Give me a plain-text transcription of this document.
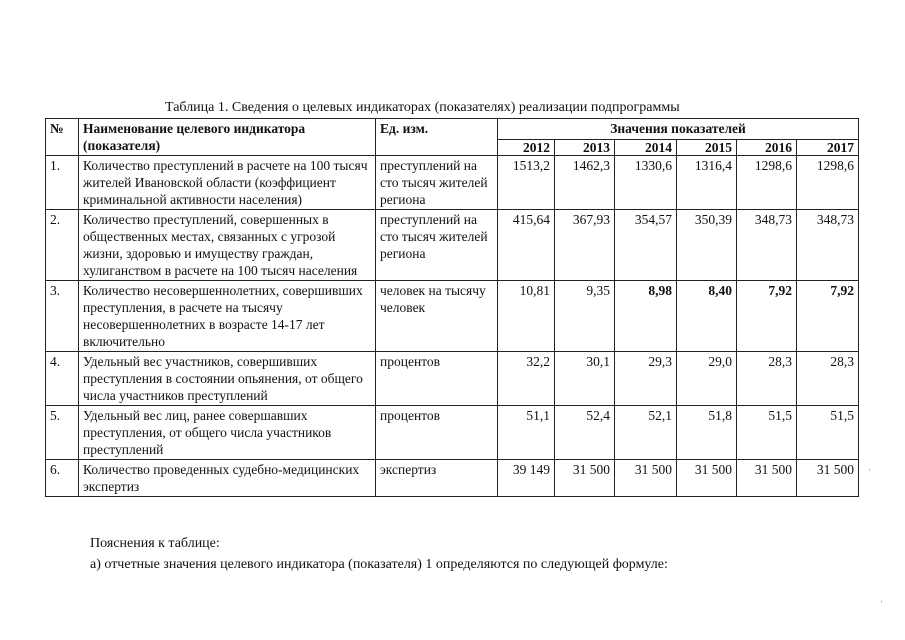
Таблица 1. Сведения о целевых индикаторах (показателях) реализации подпрограммы
№	Наименование целевого индикатора (показателя)	Ед. изм.	Значения показателей					
			2012	2013	2014	2015	2016	2017
1.	Количество преступлений в расчете на 100 тысяч жителей Ивановской области (коэффициент криминальной активности населения)	преступлений на сто тысяч жителей региона	1513,2	1462,3	1330,6	1316,4	1298,6	1298,6
2.	Количество преступлений, совершенных в общественных местах, связанных с угрозой жизни, здоровью и имуществу граждан, хулиганством в расчете на 100 тысяч населения	преступлений на сто тысяч жителей региона	415,64	367,93	354,57	350,39	348,73	348,73
3.	Количество несовершеннолетних, совершивших преступления, в расчете на тысячу несовершеннолетних в возрасте 14-17 лет включительно	человек на тысячу человек	10,81	9,35	8,98	8,40	7,92	7,92
4.	Удельный вес участников, совершивших преступления в состоянии опьянения, от общего числа участников преступлений	процентов	32,2	30,1	29,3	29,0	28,3	28,3
5.	Удельный вес лиц, ранее совершавших преступления, от общего числа участников преступлений	процентов	51,1	52,4	52,1	51,8	51,5	51,5
6.	Количество проведенных судебно-медицинских экспертиз	экспертиз	39 149	31 500	31 500	31 500	31 500	31 500

Пояснения к таблице:

а) отчетные значения целевого индикатора (показателя) 1 определяются по следующей формуле:

ˈ
ˈ
